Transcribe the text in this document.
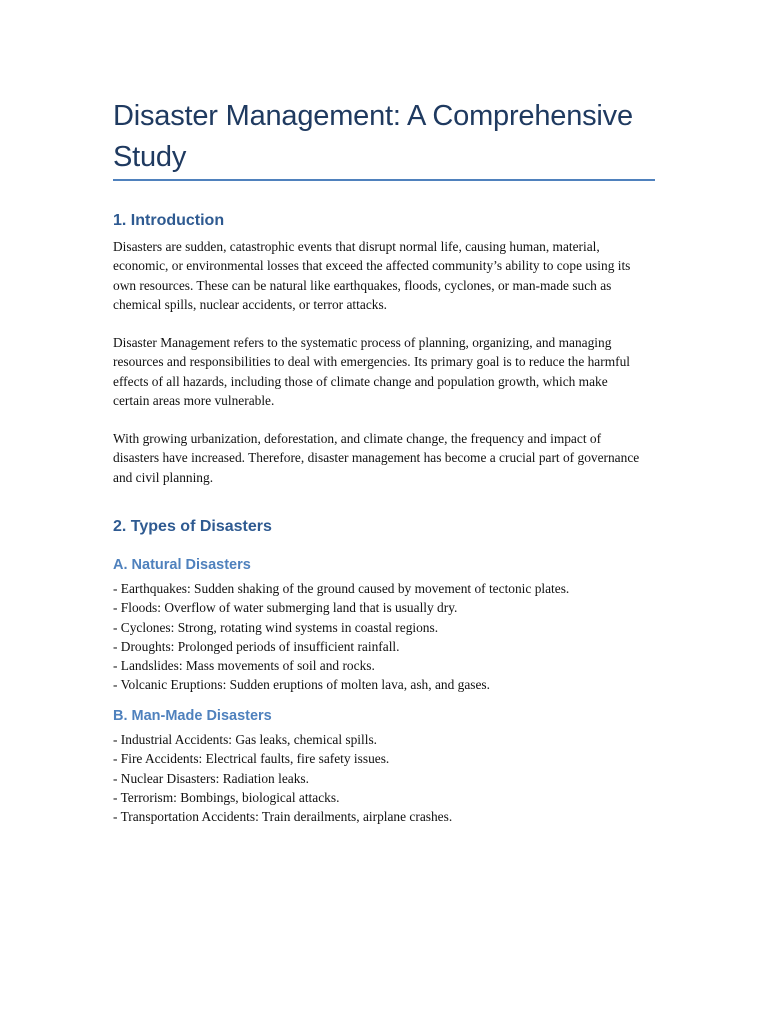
Disaster Management: A Comprehensive Study
1. Introduction

Disasters are sudden, catastrophic events that disrupt normal life, causing human, material, economic, or environmental losses that exceed the affected community’s ability to cope using its own resources. These can be natural like earthquakes, floods, cyclones, or man-made such as chemical spills, nuclear accidents, or terror attacks.

Disaster Management refers to the systematic process of planning, organizing, and managing resources and responsibilities to deal with emergencies. Its primary goal is to reduce the harmful effects of all hazards, including those of climate change and population growth, which make certain areas more vulnerable.

With growing urbanization, deforestation, and climate change, the frequency and impact of disasters have increased. Therefore, disaster management has become a crucial part of governance and civil planning.

2. Types of Disasters
A. Natural Disasters
- Earthquakes: Sudden shaking of the ground caused by movement of tectonic plates.
- Floods: Overflow of water submerging land that is usually dry.
- Cyclones: Strong, rotating wind systems in coastal regions.
- Droughts: Prolonged periods of insufficient rainfall.
- Landslides: Mass movements of soil and rocks.
- Volcanic Eruptions: Sudden eruptions of molten lava, ash, and gases.
B. Man-Made Disasters
- Industrial Accidents: Gas leaks, chemical spills.
- Fire Accidents: Electrical faults, fire safety issues.
- Nuclear Disasters: Radiation leaks.
- Terrorism: Bombings, biological attacks.
- Transportation Accidents: Train derailments, airplane crashes.
